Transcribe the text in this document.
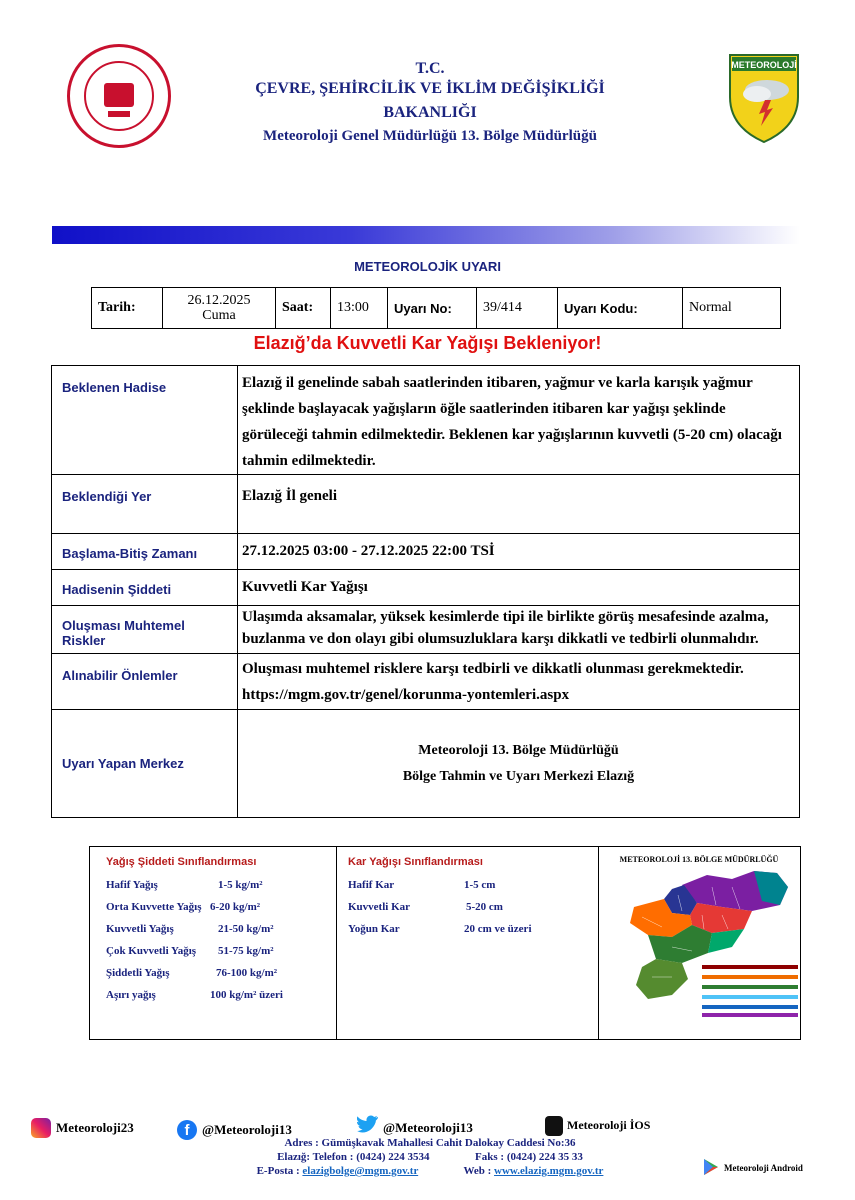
T.C.
ÇEVRE, ŞEHİRCİLİK VE İKLİM DEĞİŞİKLİĞİ
BAKANLIĞI
Meteoroloji Genel Müdürlüğü 13. Bölge Müdürlüğü
METEOROLOJİ
METEOROLOJİK UYARI
Tarih:	26.12.2025
Cuma
	Saat:	13:00	Uyarı No:	39/414	Uyarı Kodu:	Normal
Elazığ’da Kuvvetli Kar Yağışı Bekleniyor!
Beklenen Hadise	Elazığ il genelinde sabah saatlerinden itibaren, yağmur ve karla karışık yağmur şeklinde başlayacak yağışların öğle saatlerinden itibaren kar yağışı şeklinde görüleceği tahmin edilmektedir. Beklenen kar yağışlarının kuvvetli (5-20 cm) olacağı tahmin edilmektedir.
Beklendiği Yer	Elazığ İl geneli
Başlama-Bitiş Zamanı	27.12.2025 03:00 - 27.12.2025 22:00 TSİ
Hadisenin Şiddeti	Kuvvetli Kar Yağışı
Oluşması Muhtemel Riskler	Ulaşımda aksamalar, yüksek kesimlerde tipi ile birlikte görüş mesafesinde azalma, buzlanma ve don olayı gibi olumsuzluklara karşı dikkatli ve tedbirli olunmalıdır.
Alınabilir Önlemler	Oluşması muhtemel risklere karşı tedbirli ve dikkatli olunması gerekmektedir.
https://mgm.gov.tr/genel/korunma-yontemleri.aspx

Uyarı Yapan Merkez	Meteoroloji 13. Bölge Müdürlüğü
Bölge Tahmin ve Uyarı Merkezi Elazığ
Yağış Şiddeti Sınıflandırması
Hafif Yağış	1-5 kg/m²
Orta Kuvvette Yağış 6-20 kg/m²
Kuvvetli Yağış	21-50 kg/m²
Çok Kuvvetli Yağış 51-75 kg/m²
Şiddetli Yağış	76-100 kg/m²
Aşırı yağış	100 kg/m² üzeri
Kar Yağışı Sınıflandırması
Hafif Kar	1-5 cm
Kuvvetli Kar	5-20 cm
Yoğun Kar	20 cm ve üzeri
METEOROLOJİ 13. BÖLGE MÜDÜRLÜĞÜ
Meteoroloji23	f @Meteoroloji13	@Meteoroloji13	Meteoroloji İOS
Adres : Gümüşkavak Mahallesi Cahit Dalokay Caddesi No:36
Elazığ: Telefon : (0424) 224 3534	Faks : (0424) 224 35 33
E-Posta : elazigbolge@mgm.gov.tr	Web : www.elazig.mgm.gov.tr	Meteoroloji Android
